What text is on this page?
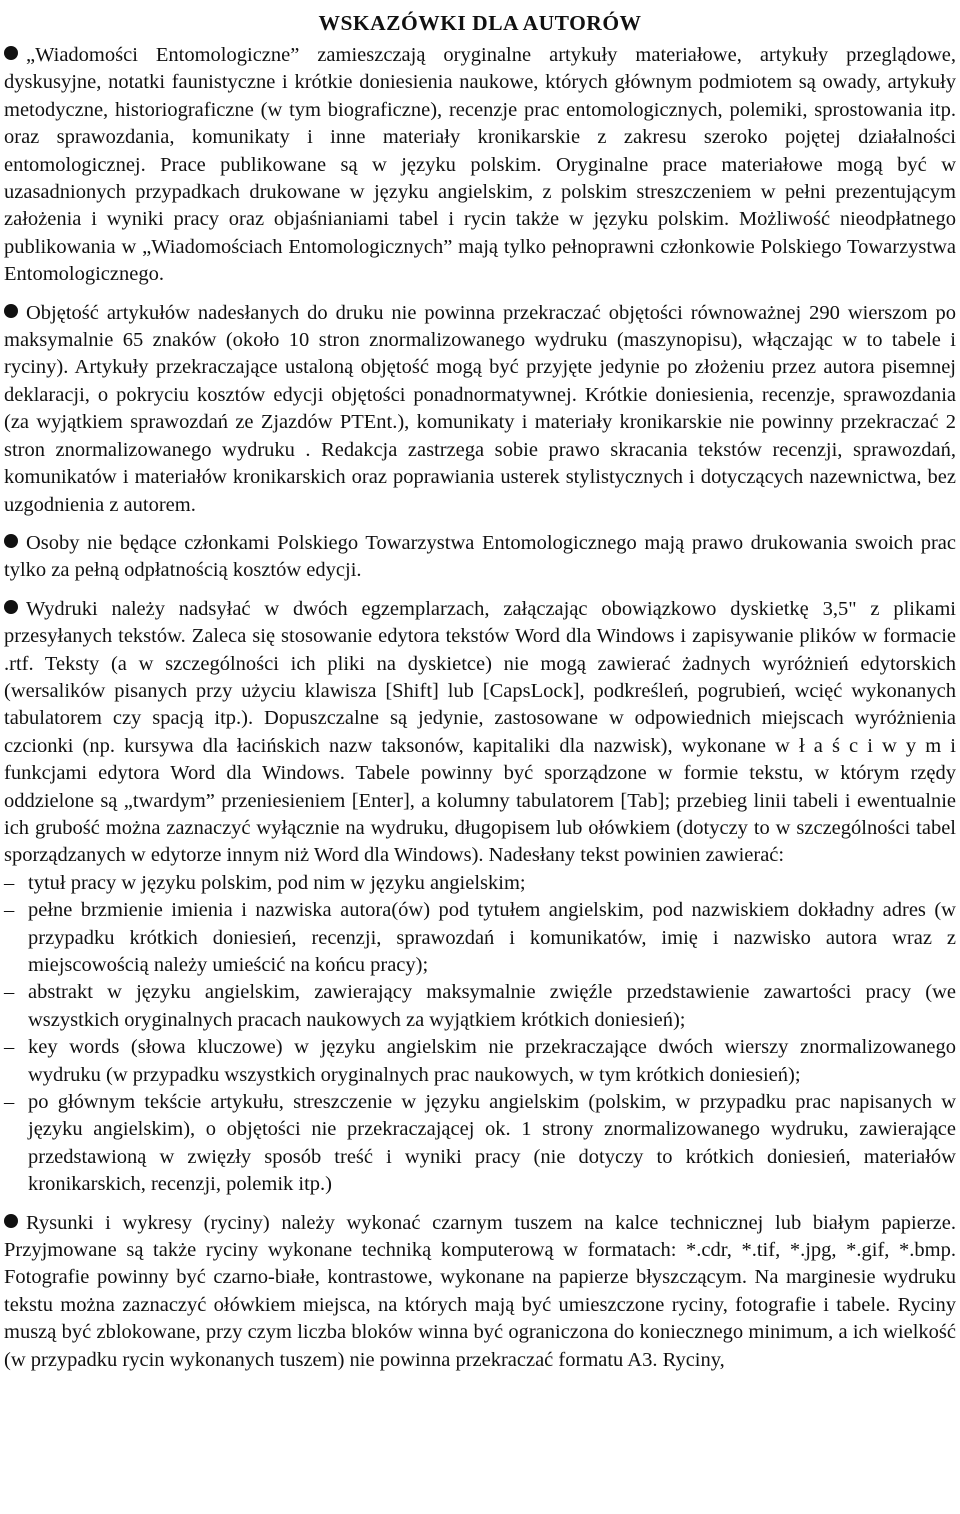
WSKAZÓWKI DLA AUTORÓW

„Wiadomości Entomologiczne” zamieszczają oryginalne artykuły materiałowe, artykuły przeglądowe, dyskusyjne, notatki faunistyczne i krótkie doniesienia naukowe, których głównym podmiotem są owady, artykuły metodyczne, historiograficzne (w tym biograficzne), recenzje prac entomologicznych, polemiki, sprostowania itp. oraz sprawozdania, komunikaty i inne materiały kronikarskie z zakresu szeroko pojętej działalności entomologicznej. Prace publikowane są w języku polskim. Oryginalne prace materiałowe mogą być w uzasadnionych przypadkach drukowane w języku angielskim, z polskim streszczeniem w pełni prezentującym założenia i wyniki pracy oraz objaśnianiami tabel i rycin także w języku polskim. Możliwość nieodpłatnego publikowania w „Wiadomościach Entomologicznych” mają tylko pełnoprawni członkowie Polskiego Towarzystwa Entomologicznego.

Objętość artykułów nadesłanych do druku nie powinna przekraczać objętości równoważnej 290 wierszom po maksymalnie 65 znaków (około 10 stron znormalizowanego wydruku (maszynopisu), włączając w to tabele i ryciny). Artykuły przekraczające ustaloną objętość mogą być przyjęte jedynie po złożeniu przez autora pisemnej deklaracji, o pokryciu kosztów edycji objętości ponadnormatywnej. Krótkie doniesienia, recenzje, sprawozdania (za wyjątkiem sprawozdań ze Zjazdów PTEnt.), komunikaty i materiały kronikarskie nie powinny przekraczać 2 stron znormalizowanego wydruku . Redakcja zastrzega sobie prawo skracania tekstów recenzji, sprawozdań, komunikatów i materiałów kronikarskich oraz poprawiania usterek stylistycznych i dotyczących nazewnictwa, bez uzgodnienia z autorem.

Osoby nie będące członkami Polskiego Towarzystwa Entomologicznego mają prawo drukowania swoich prac tylko za pełną odpłatnością kosztów edycji.

Wydruki należy nadsyłać w dwóch egzemplarzach, załączając obowiązkowo dyskietkę 3,5" z plikami przesyłanych tekstów. Zaleca się stosowanie edytora tekstów Word dla Windows i zapisywanie plików w formacie .rtf. Teksty (a w szczególności ich pliki na dyskietce) nie mogą zawierać żadnych wyróżnień edytorskich (wersalików pisanych przy użyciu klawisza [Shift] lub [CapsLock], podkreśleń, pogrubień, wcięć wykonanych tabulatorem czy spacją itp.). Dopuszczalne są jedynie, zastosowane w odpowiednich miejscach wyróżnienia czcionki (np. kursywa dla łacińskich nazw taksonów, kapitaliki dla nazwisk), wykonane w ł a ś c i w y m i funkcjami edytora Word dla Windows. Tabele powinny być sporządzone w formie tekstu, w którym rzędy oddzielone są „twardym” przeniesieniem [Enter], a kolumny tabulatorem [Tab]; przebieg linii tabeli i ewentualnie ich grubość można zaznaczyć wyłącznie na wydruku, długopisem lub ołówkiem (dotyczy to w szczególności tabel sporządzanych w edytorze innym niż Word dla Windows). Nadesłany tekst powinien zawierać:

– tytuł pracy w języku polskim, pod nim w języku angielskim;
– pełne brzmienie imienia i nazwiska autora(ów) pod tytułem angielskim, pod nazwiskiem dokładny adres (w przypadku krótkich doniesień, recenzji, sprawozdań i komunikatów, imię i nazwisko autora wraz z miejscowością należy umieścić na końcu pracy);
– abstrakt w języku angielskim, zawierający maksymalnie zwięźle przedstawienie zawartości pracy (we wszystkich oryginalnych pracach naukowych za wyjątkiem krótkich doniesień);
– key words (słowa kluczowe) w języku angielskim nie przekraczające dwóch wierszy znormalizowanego wydruku (w przypadku wszystkich oryginalnych prac naukowych, w tym krótkich doniesień);
– po głównym tekście artykułu, streszczenie w języku angielskim (polskim, w przypadku prac napisanych w języku angielskim), o objętości nie przekraczającej ok. 1 strony znormalizowanego wydruku, zawierające przedstawioną w zwięzły sposób treść i wyniki pracy (nie dotyczy to krótkich doniesień, materiałów kronikarskich, recenzji, polemik itp.)

Rysunki i wykresy (ryciny) należy wykonać czarnym tuszem na kalce technicznej lub białym papierze. Przyjmowane są także ryciny wykonane techniką komputerową w formatach: *.cdr, *.tif, *.jpg, *.gif, *.bmp. Fotografie powinny być czarno-białe, kontrastowe, wykonane na papierze błyszczącym. Na marginesie wydruku tekstu można zaznaczyć ołówkiem miejsca, na których mają być umieszczone ryciny, fotografie i tabele. Ryciny muszą być zblokowane, przy czym liczba bloków winna być ograniczona do koniecznego minimum, a ich wielkość (w przypadku rycin wykonanych tuszem) nie powinna przekraczać formatu A3. Ryciny,
